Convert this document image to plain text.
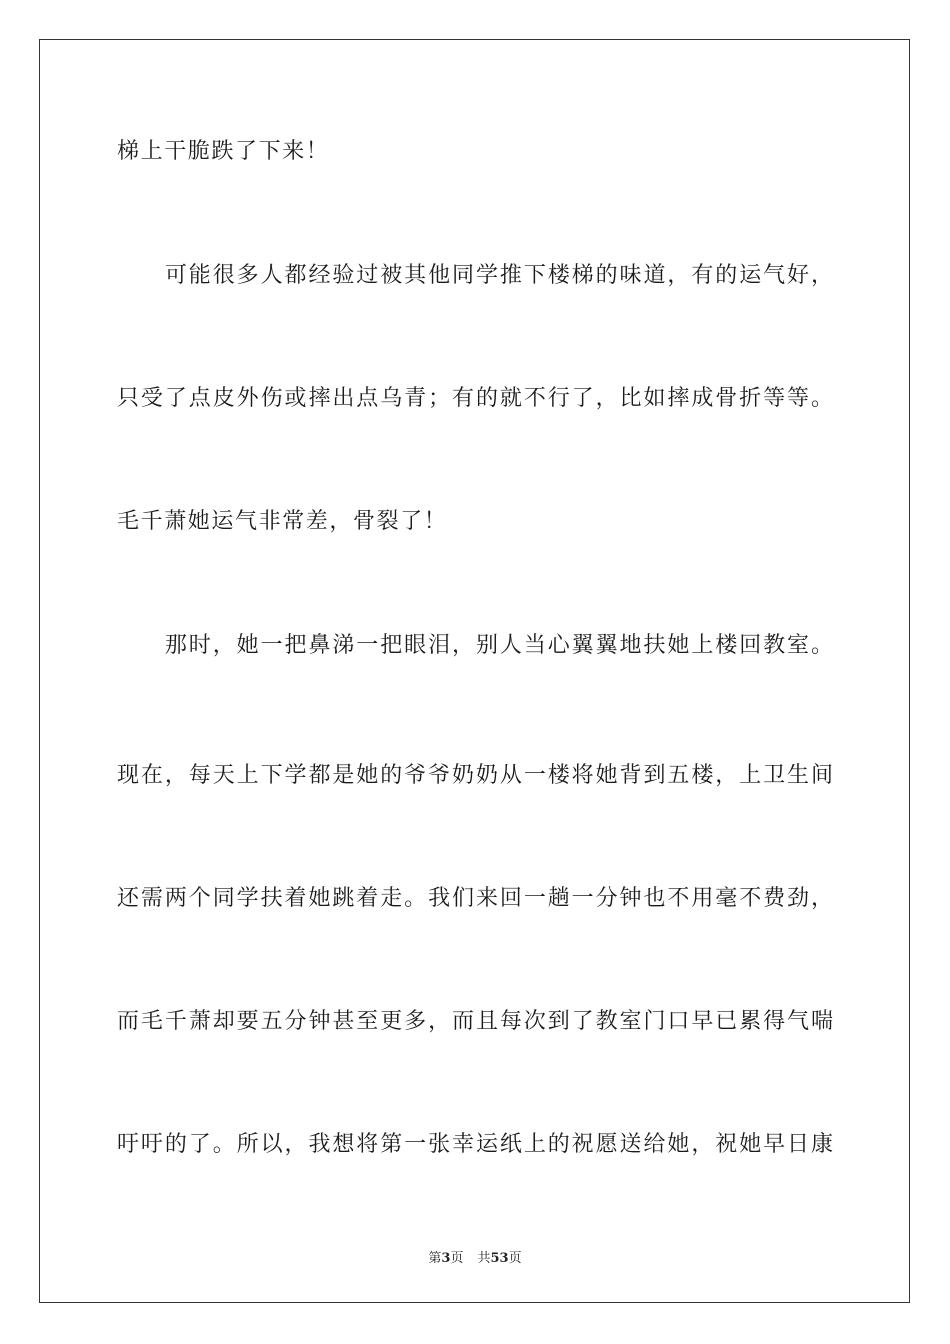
梯上干脆跌了下来！
　　可能很多人都经验过被其他同学推下楼梯的味道，有的运气好，
只受了点皮外伤或摔出点乌青；有的就不行了，比如摔成骨折等等。
毛千萧她运气非常差，骨裂了！
　　那时，她一把鼻涕一把眼泪，别人当心翼翼地扶她上楼回教室。
现在，每天上下学都是她的爷爷奶奶从一楼将她背到五楼，上卫生间
还需两个同学扶着她跳着走。我们来回一趟一分钟也不用毫不费劲，
而毛千萧却要五分钟甚至更多，而且每次到了教室门口早已累得气喘
吁吁的了。所以，我想将第一张幸运纸上的祝愿送给她，祝她早日康
第3页 共53页
